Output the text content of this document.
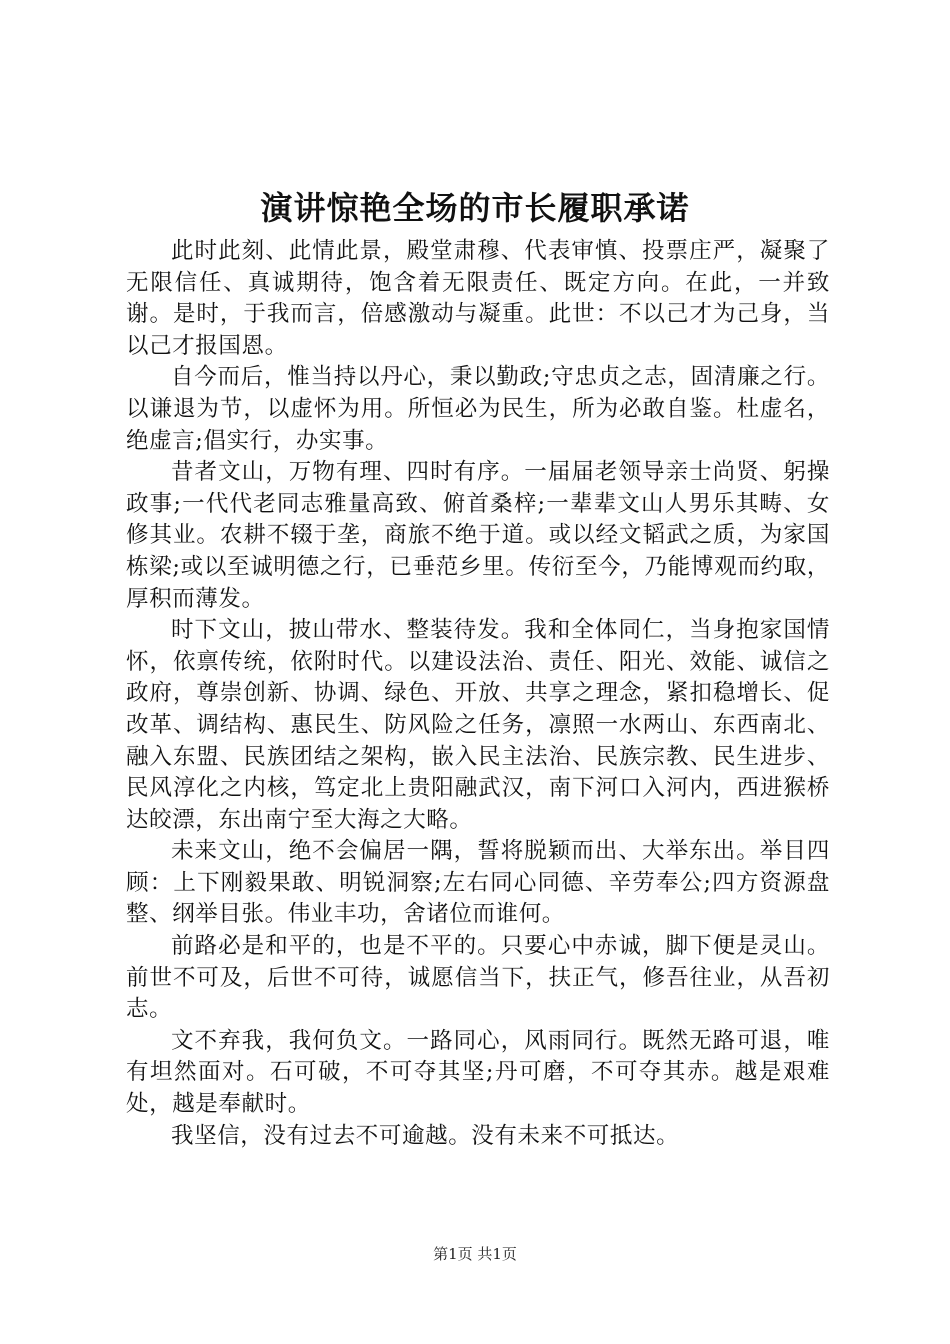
演讲惊艳全场的市长履职承诺

此时此刻、此情此景，殿堂肃穆、代表审慎、投票庄严，凝聚了无限信任、真诚期待，饱含着无限责任、既定方向。在此，一并致谢。是时，于我而言，倍感激动与凝重。此世：不以己才为己身，当以己才报国恩。

自今而后，惟当持以丹心，秉以勤政;守忠贞之志，固清廉之行。以谦退为节，以虚怀为用。所恒必为民生，所为必敢自鉴。杜虚名，绝虚言;倡实行，办实事。

昔者文山，万物有理、四时有序。一届届老领导亲士尚贤、躬操政事;一代代老同志雅量高致、俯首桑梓;一辈辈文山人男乐其畴、女修其业。农耕不辍于垄，商旅不绝于道。或以经文韬武之质，为家国栋梁;或以至诚明德之行，已垂范乡里。传衍至今，乃能博观而约取，厚积而薄发。

时下文山，披山带水、整装待发。我和全体同仁，当身抱家国情怀，依禀传统，依附时代。以建设法治、责任、阳光、效能、诚信之政府，尊崇创新、协调、绿色、开放、共享之理念，紧扣稳增长、促改革、调结构、惠民生、防风险之任务，凛照一水两山、东西南北、融入东盟、民族团结之架构，嵌入民主法治、民族宗教、民生进步、民风淳化之内核，笃定北上贵阳融武汉，南下河口入河内，西进猴桥达皎漂，东出南宁至大海之大略。

未来文山，绝不会偏居一隅，誓将脱颖而出、大举东出。举目四顾：上下刚毅果敢、明锐洞察;左右同心同德、辛劳奉公;四方资源盘整、纲举目张。伟业丰功，舍诸位而谁何。

前路必是和平的，也是不平的。只要心中赤诚，脚下便是灵山。前世不可及，后世不可待，诚愿信当下，扶正气，修吾往业，从吾初志。

文不弃我，我何负文。一路同心，风雨同行。既然无路可退，唯有坦然面对。石可破，不可夺其坚;丹可磨，不可夺其赤。越是艰难处，越是奉献时。

我坚信，没有过去不可逾越。没有未来不可抵达。

第1页 共1页
